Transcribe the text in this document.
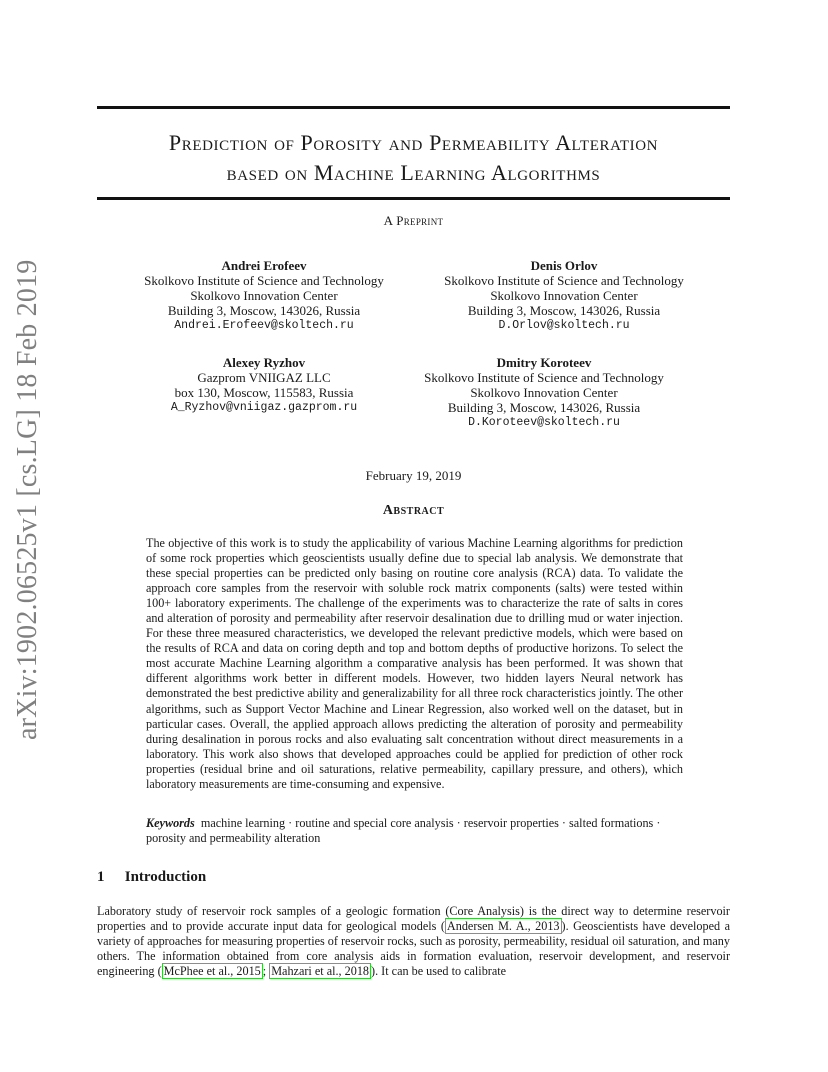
arXiv:1902.06525v1 [cs.LG] 18 Feb 2019
Prediction of Porosity and Permeability Alteration
based on Machine Learning Algorithms
A Preprint
Andrei Erofeev
Skolkovo Institute of Science and Technology
Skolkovo Innovation Center
Building 3, Moscow, 143026, Russia
Andrei.Erofeev@skoltech.ru
Denis Orlov
Skolkovo Institute of Science and Technology
Skolkovo Innovation Center
Building 3, Moscow, 143026, Russia
D.Orlov@skoltech.ru
Alexey Ryzhov
Gazprom VNIIGAZ LLC
box 130, Moscow, 115583, Russia
A_Ryzhov@vniigaz.gazprom.ru
Dmitry Koroteev
Skolkovo Institute of Science and Technology
Skolkovo Innovation Center
Building 3, Moscow, 143026, Russia
D.Koroteev@skoltech.ru
February 19, 2019
Abstract
The objective of this work is to study the applicability of various Machine Learning algorithms for prediction of some rock properties which geoscientists usually define due to special lab analysis. We demonstrate that these special properties can be predicted only basing on routine core analysis (RCA) data. To validate the approach core samples from the reservoir with soluble rock matrix components (salts) were tested within 100+ laboratory experiments. The challenge of the experiments was to characterize the rate of salts in cores and alteration of porosity and permeability after reservoir desalination due to drilling mud or water injection. For these three measured characteristics, we developed the relevant predictive models, which were based on the results of RCA and data on coring depth and top and bottom depths of productive horizons. To select the most accurate Machine Learning algorithm a comparative analysis has been performed. It was shown that different algorithms work better in different models. However, two hidden layers Neural network has demonstrated the best predictive ability and generalizability for all three rock characteristics jointly. The other algorithms, such as Support Vector Machine and Linear Regression, also worked well on the dataset, but in particular cases. Overall, the applied approach allows predicting the alteration of porosity and permeability during desalination in porous rocks and also evaluating salt concentration without direct measurements in a laboratory. This work also shows that developed approaches could be applied for prediction of other rock properties (residual brine and oil saturations, relative permeability, capillary pressure, and others), which laboratory measurements are time-consuming and expensive.
Keywords machine learning · routine and special core analysis · reservoir properties · salted formations · porosity and permeability alteration
1 Introduction
Laboratory study of reservoir rock samples of a geologic formation (Core Analysis) is the direct way to determine reservoir properties and to provide accurate input data for geological models ( Andersen M. A., 2013 ). Geoscientists have developed a variety of approaches for measuring properties of reservoir rocks, such as porosity, permeability, residual oil saturation, and many others. The information obtained from core analysis aids in formation evaluation, reservoir development, and reservoir engineering ( McPhee et al., 2015 ; Mahzari et al., 2018 ). It can be used to calibrate
